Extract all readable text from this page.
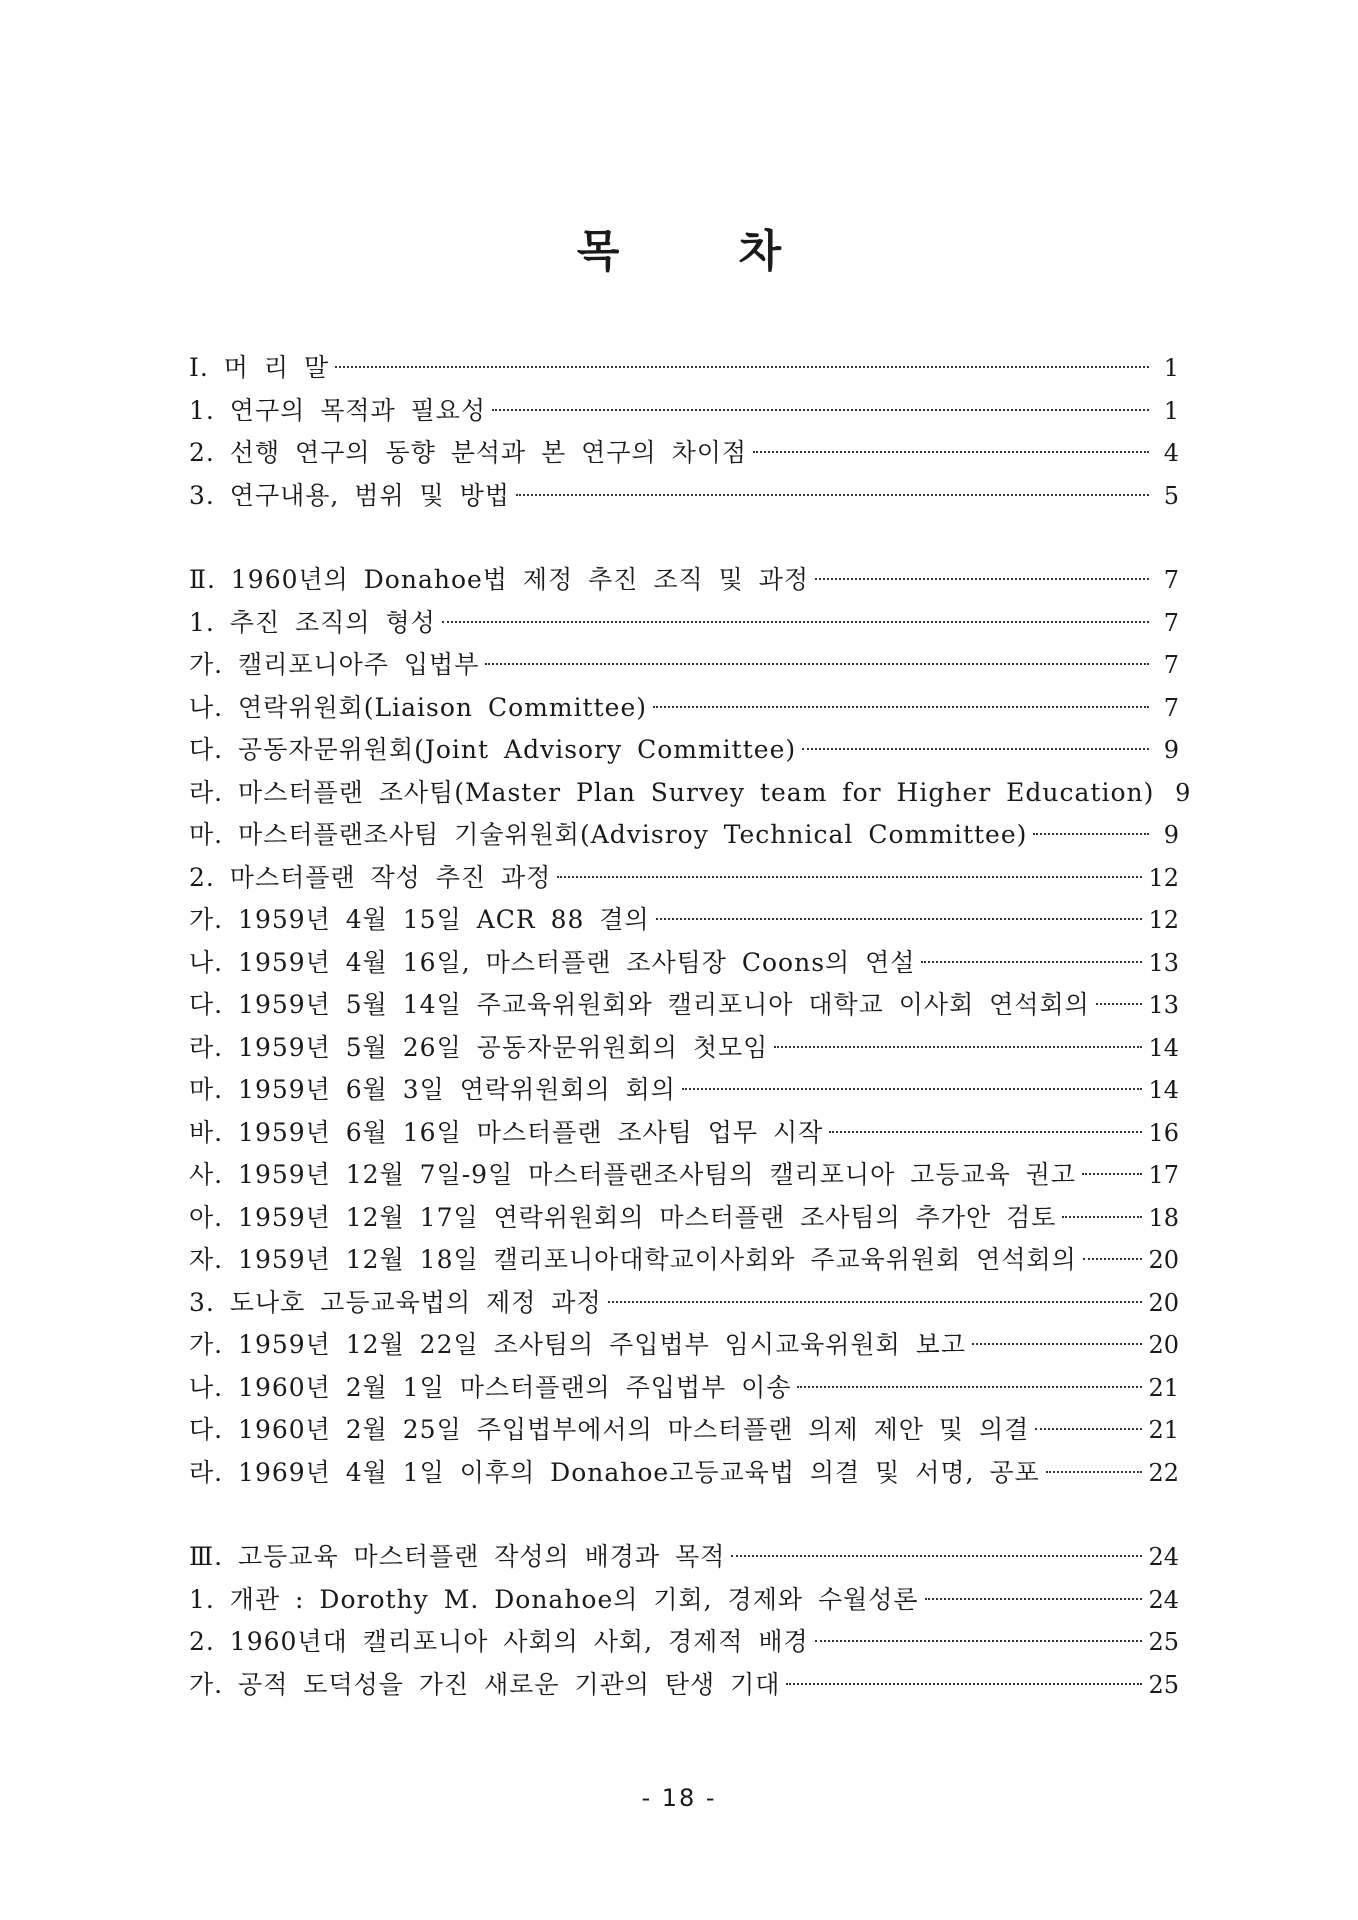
목 차
Ⅰ. 머 리 말	1
1. 연구의 목적과 필요성	1
2. 선행 연구의 동향 분석과 본 연구의 차이점	4
3. 연구내용, 범위 및 방법	5
Ⅱ. 1960년의 Donahoe법 제정 추진 조직 및 과정	7
1. 추진 조직의 형성	7
가. 캘리포니아주 입법부	7
나. 연락위원회(Liaison Committee)	7
다. 공동자문위원회(Joint Advisory Committee)	9
라. 마스터플랜 조사팀(Master Plan Survey team for Higher Education) 9
마. 마스터플랜조사팀 기술위원회(Advisroy Technical Committee)	9
2. 마스터플랜 작성 추진 과정	12
가. 1959년 4월 15일 ACR 88 결의	12
나. 1959년 4월 16일, 마스터플랜 조사팀장 Coons의 연설	13
다. 1959년 5월 14일 주교육위원회와 캘리포니아 대학교 이사회 연석회의 13
라. 1959년 5월 26일 공동자문위원회의 첫모임	14
마. 1959년 6월 3일 연락위원회의 회의	14
바. 1959년 6월 16일 마스터플랜 조사팀 업무 시작	16
사. 1959년 12월 7일-9일 마스터플랜조사팀의 캘리포니아 고등교육 권고	17
아. 1959년 12월 17일 연락위원회의 마스터플랜 조사팀의 추가안 검토	18
자. 1959년 12월 18일 캘리포니아대학교이사회와 주교육위원회 연석회의	20
3. 도나호 고등교육법의 제정 과정	20
가. 1959년 12월 22일 조사팀의 주입법부 임시교육위원회 보고	20
나. 1960년 2월 1일 마스터플랜의 주입법부 이송	21
다. 1960년 2월 25일 주입법부에서의 마스터플랜 의제 제안 및 의결	21
라. 1969년 4월 1일 이후의 Donahoe고등교육법 의결 및 서명, 공포	22
Ⅲ. 고등교육 마스터플랜 작성의 배경과 목적	24
1. 개관 : Dorothy M. Donahoe의 기회, 경제와 수월성론	24
2. 1960년대 캘리포니아 사회의 사회, 경제적 배경	25
가. 공적 도덕성을 가진 새로운 기관의 탄생 기대	25
- 18 -
